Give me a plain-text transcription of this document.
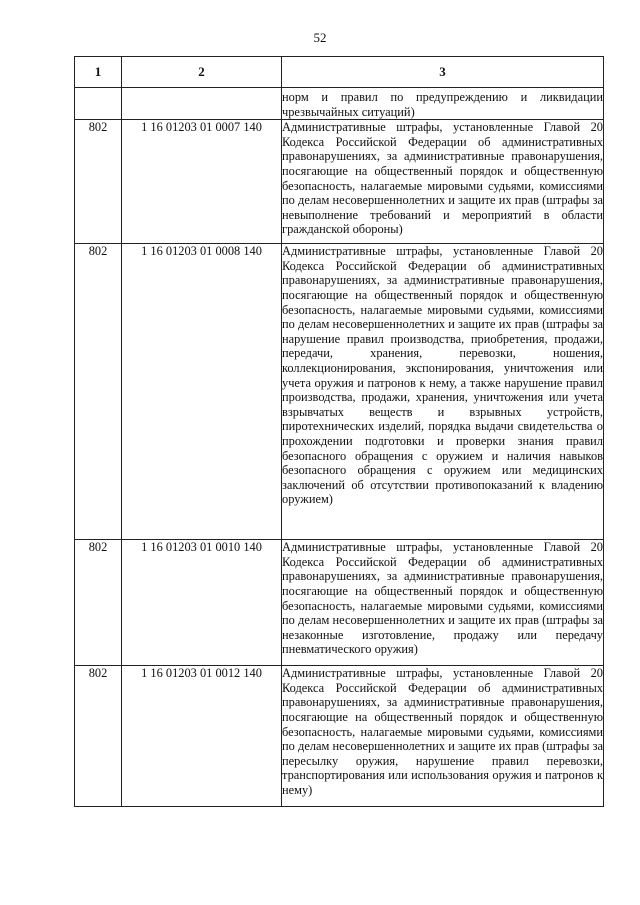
52
1	2	3
		норм и правил по предупреждению и ликвидации чрезвычайных ситуаций)
802	1 16 01203 01 0007 140	Административные штрафы, установленные Главой 20 Кодекса Российской Федерации об административных правонарушениях, за административные правонарушения, посягающие на общественный порядок и общественную безопасность, налагаемые мировыми судьями, комиссиями по делам несовершеннолетних и защите их прав (штрафы за невыполнение требований и мероприятий в области гражданской обороны)
802	1 16 01203 01 0008 140	Административные штрафы, установленные Главой 20 Кодекса Российской Федерации об административных правонарушениях, за административные правонарушения, посягающие на общественный порядок и общественную безопасность, налагаемые мировыми судьями, комиссиями по делам несовершеннолетних и защите их прав (штрафы за нарушение правил производства, приобретения, продажи, передачи, хранения, перевозки, ношения, коллекционирования, экспонирования, уничтожения или учета оружия и патронов к нему, а также нарушение правил производства, продажи, хранения, уничтожения или учета взрывчатых веществ и взрывных устройств, пиротехнических изделий, порядка выдачи свидетельства о прохождении подготовки и проверки знания правил безопасного обращения с оружием и наличия навыков безопасного обращения с оружием или медицинских заключений об отсутствии противопоказаний к владению оружием)
802	1 16 01203 01 0010 140	Административные штрафы, установленные Главой 20 Кодекса Российской Федерации об административных правонарушениях, за административные правонарушения, посягающие на общественный порядок и общественную безопасность, налагаемые мировыми судьями, комиссиями по делам несовершеннолетних и защите их прав (штрафы за незаконные изготовление, продажу или передачу пневматического оружия)
802	1 16 01203 01 0012 140	Административные штрафы, установленные Главой 20 Кодекса Российской Федерации об административных правонарушениях, за административные правонарушения, посягающие на общественный порядок и общественную безопасность, налагаемые мировыми судьями, комиссиями по делам несовершеннолетних и защите их прав (штрафы за пересылку оружия, нарушение правил перевозки, транспортирования или использования оружия и патронов к нему)
